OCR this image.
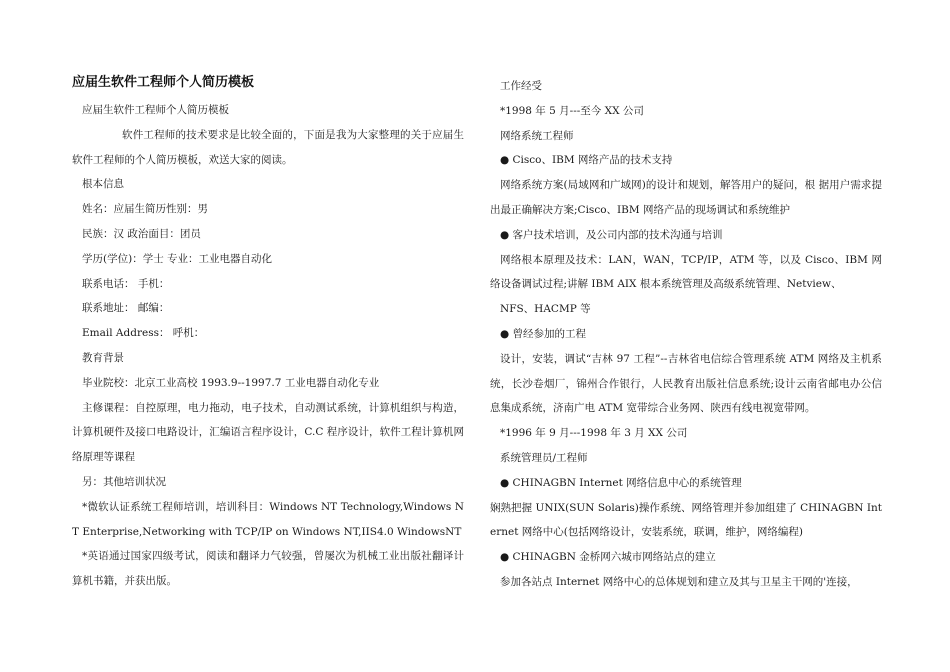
应届生软件工程师个人简历模板

应届生软件工程师个人简历模板

软件工程师的技术要求是比较全面的，下面是我为大家整理的关于应届生软件工程师的个人简历模板，欢送大家的阅读。

根本信息

姓名：应届生简历性别：男

民族：汉 政治面目：团员

学历(学位)：学士 专业：工业电器自动化

联系电话： 手机：

联系地址： 邮编：

Email Address： 呼机：

教育背景

毕业院校：北京工业高校 1993.9--1997.7 工业电器自动化专业

主修课程：自控原理，电力拖动，电子技术，自动测试系统，计算机组织与构造，计算机硬件及接口电路设计，汇编语言程序设计，C.C 程序设计，软件工程计算机网络原理等课程

另：其他培训状况

*微软认证系统工程师培训，培训科目：Windows NT Technology,Windows NT Enterprise,Networking with TCP/IP on Windows NT,IIS4.0 WindowsNT

*英语通过国家四级考试，阅读和翻译力气较强，曾屡次为机械工业出版社翻译计算机书籍，并获出版。

工作经受

*1998 年 5 月---至今 XX 公司

网络系统工程师

● Cisco、IBM 网络产品的技术支持

网络系统方案(局域网和广域网)的设计和规划，解答用户的疑问，根 据用户需求提出最正确解决方案;Cisco、IBM 网络产品的现场调试和系统维护

● 客户技术培训，及公司内部的技术沟通与培训

网络根本原理及技术：LAN，WAN，TCP/IP，ATM 等，以及 Cisco、IBM 网络设备调试过程;讲解 IBM AIX 根本系统管理及高级系统管理、Netview、

NFS、HACMP 等

● 曾经参加的工程

设计，安装，调试“吉林 97 工程”--吉林省电信综合管理系统 ATM 网络及主机系统，长沙卷烟厂，锦州合作银行，人民教育出版社信息系统;设计云南省邮电办公信息集成系统，济南广电 ATM 宽带综合业务网、陕西有线电视宽带网。

*1996 年 9 月---1998 年 3 月 XX 公司

系统管理员/工程师

● CHINAGBN Internet 网络信息中心的系统管理

娴熟把握 UNIX(SUN Solaris)操作系统、网络管理并参加组建了 CHINAGBN Internet 网络中心(包括网络设计，安装系统，联调，维护，网络编程)

● CHINAGBN 金桥网六城市网络站点的建立

参加各站点 Internet 网络中心的总体规划和建立及其与卫星主干网的'连接，
